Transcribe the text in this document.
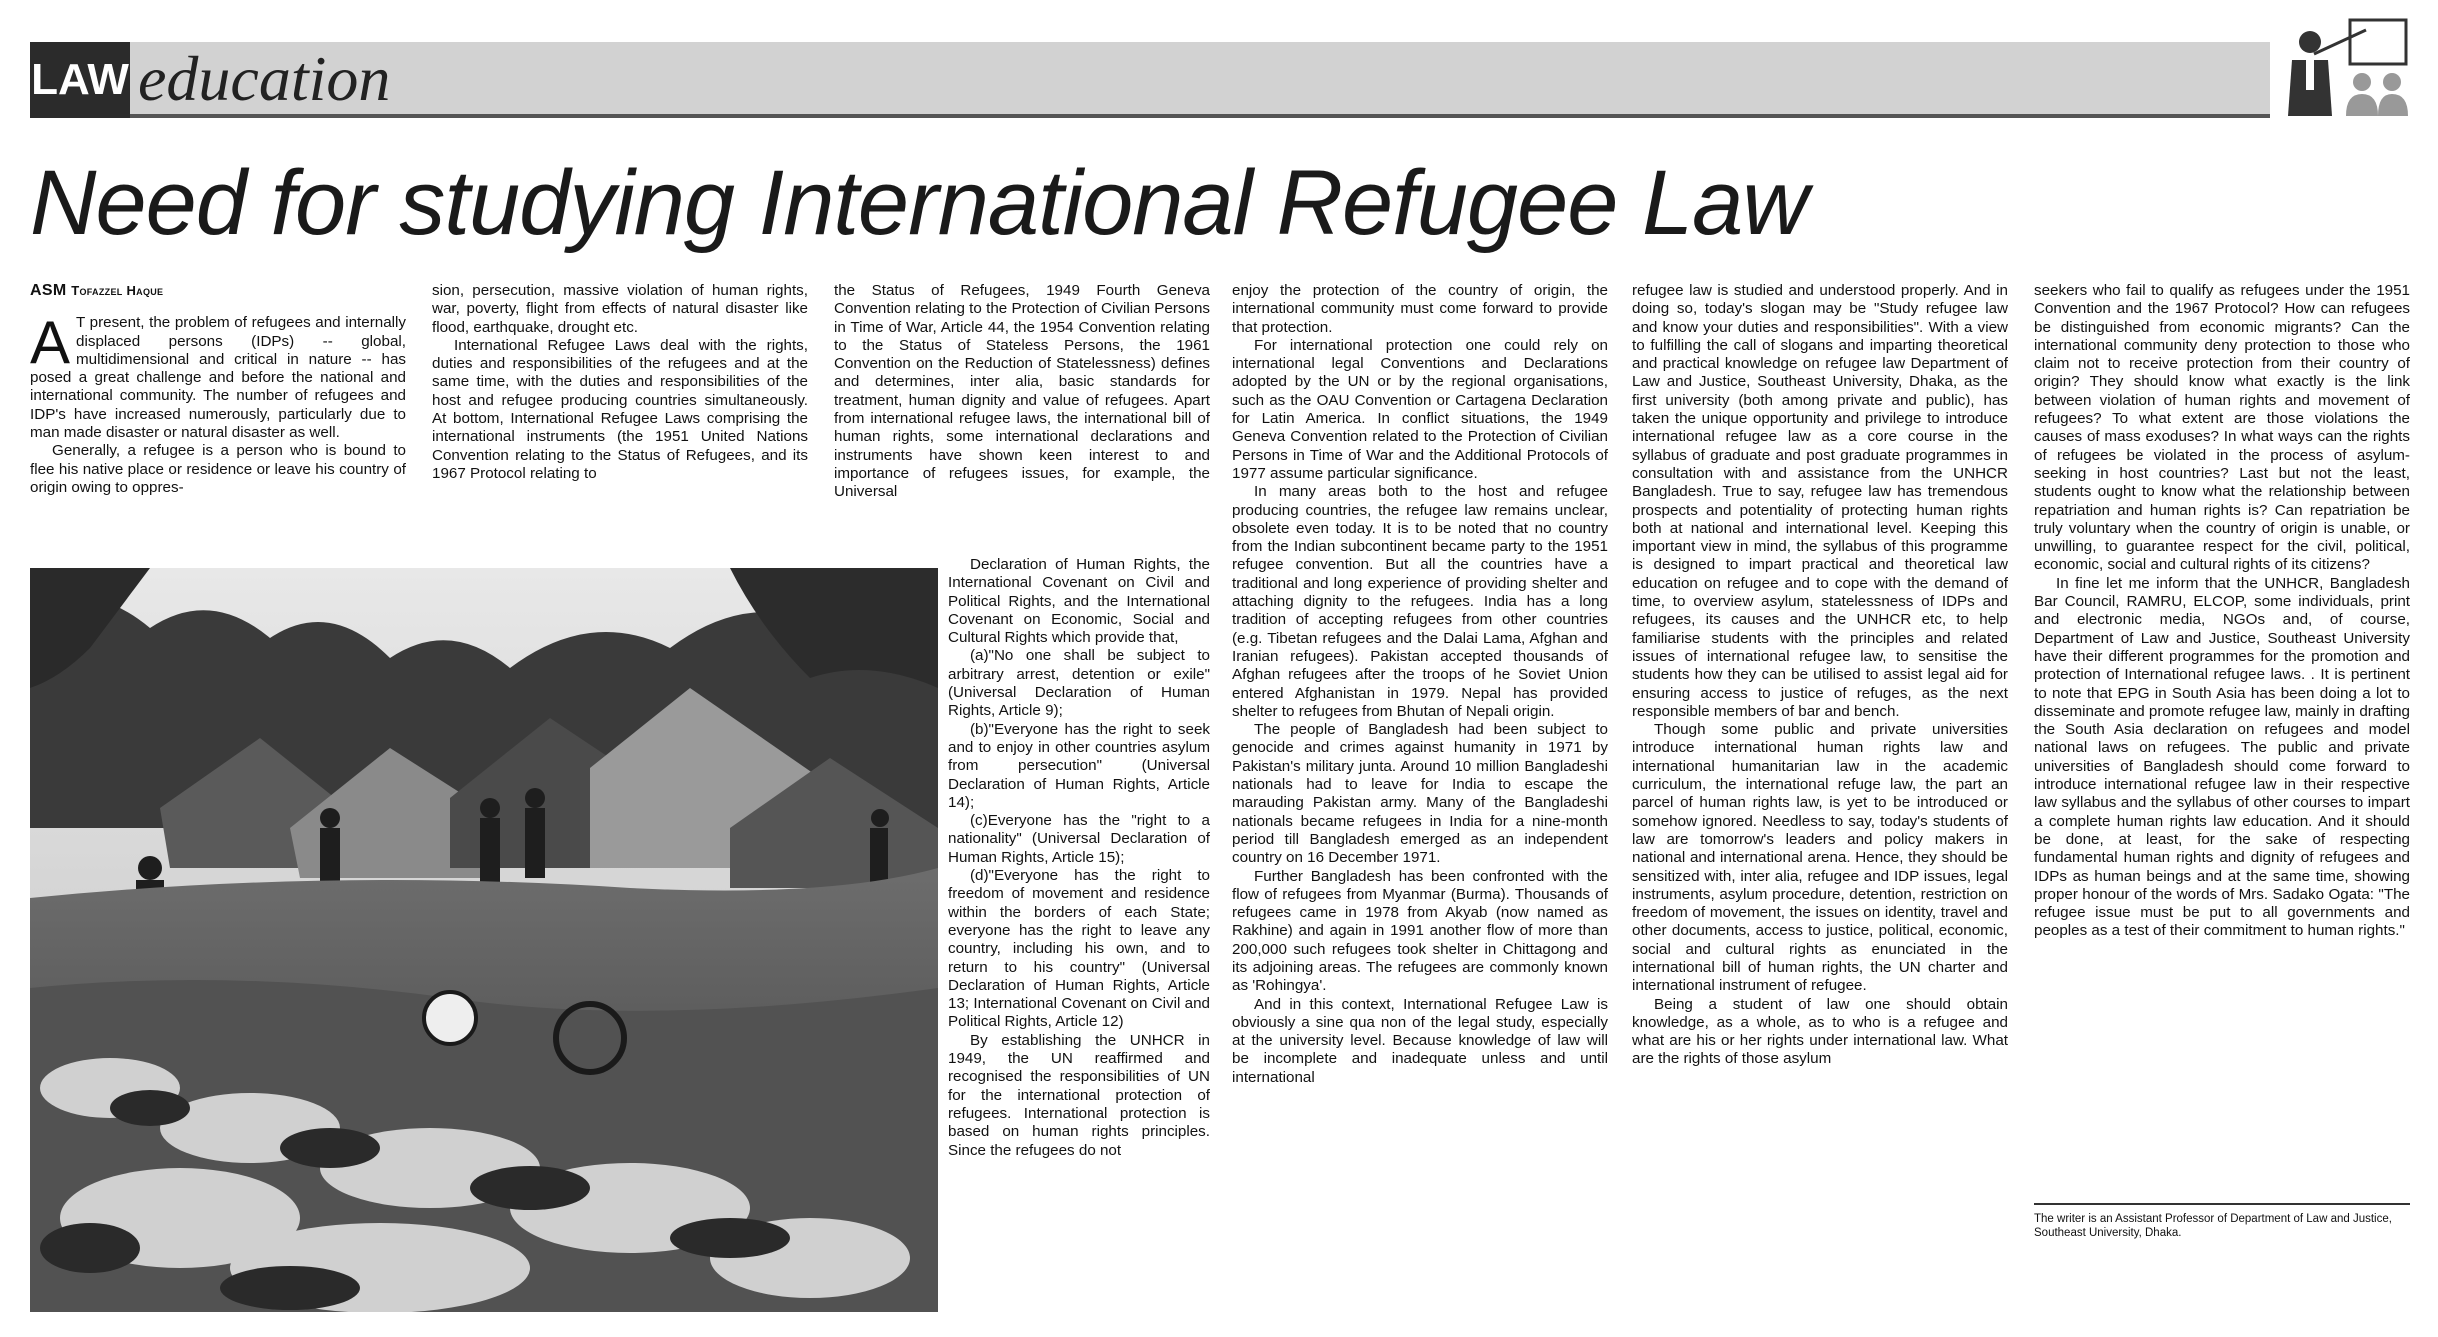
LAW education
Need for studying International Refugee Law
ASM Tofazzel Haque

A T present, the problem of refugees and internally displaced persons (IDPs) -- global, multidimensional and critical in nature -- has posed a great challenge and before the national and international community. The number of refugees and IDP's have increased numerously, particularly due to man made disaster or natural disaster as well.

Generally, a refugee is a person who is bound to flee his native place or residence or leave his country of origin owing to oppres-

sion, persecution, massive violation of human rights, war, poverty, flight from effects of natural disaster like flood, earthquake, drought etc.

International Refugee Laws deal with the rights, duties and responsibilities of the refugees and at the same time, with the duties and responsibilities of the host and refugee producing countries simultaneously. At bottom, International Refugee Laws comprising the international instruments (the 1951 United Nations Convention relating to the Status of Refugees, and its 1967 Protocol relating to

the Status of Refugees, 1949 Fourth Geneva Convention relating to the Protection of Civilian Persons in Time of War, Article 44, the 1954 Convention relating to the Status of Stateless Persons, the 1961 Convention on the Reduction of Statelessness) defines and determines, inter alia, basic standards for treatment, human dignity and value of refugees. Apart from international refugee laws, the international bill of human rights, some international declarations and instruments have shown keen interest to and importance of refugees issues, for example, the Universal

Declaration of Human Rights, the International Covenant on Civil and Political Rights, and the International Covenant on Economic, Social and Cultural Rights which provide that,

(a)"No one shall be subject to arbitrary arrest, detention or exile" (Universal Declaration of Human Rights, Article 9);

(b)"Everyone has the right to seek and to enjoy in other countries asylum from persecution" (Universal Declaration of Human Rights, Article 14);

(c)Everyone has the "right to a nationality" (Universal Declaration of Human Rights, Article 15);

(d)"Everyone has the right to freedom of movement and residence within the borders of each State; everyone has the right to leave any country, including his own, and to return to his country" (Universal Declaration of Human Rights, Article 13; International Covenant on Civil and Political Rights, Article 12)

By establishing the UNHCR in 1949, the UN reaffirmed and recognised the responsibilities of UN for the international protection of refugees. International protection is based on human rights principles. Since the refugees do not

enjoy the protection of the country of origin, the international community must come forward to provide that protection.

For international protection one could rely on international legal Conventions and Declarations adopted by the UN or by the regional organisations, such as the OAU Convention or Cartagena Declaration for Latin America. In conflict situations, the 1949 Geneva Convention related to the Protection of Civilian Persons in Time of War and the Additional Protocols of 1977 assume particular significance.

In many areas both to the host and refugee producing countries, the refugee law remains unclear, obsolete even today. It is to be noted that no country from the Indian subcontinent became party to the 1951 refugee convention. But all the countries have a traditional and long experience of providing shelter and attaching dignity to the refugees. India has a long tradition of accepting refugees from other countries (e.g. Tibetan refugees and the Dalai Lama, Afghan and Iranian refugees). Pakistan accepted thousands of Afghan refugees after the troops of he Soviet Union entered Afghanistan in 1979. Nepal has provided shelter to refugees from Bhutan of Nepali origin.

The people of Bangladesh had been subject to genocide and crimes against humanity in 1971 by Pakistan's military junta. Around 10 million Bangladeshi nationals had to leave for India to escape the marauding Pakistan army. Many of the Bangladeshi nationals became refugees in India for a nine-month period till Bangladesh emerged as an independent country on 16 December 1971.

Further Bangladesh has been confronted with the flow of refugees from Myanmar (Burma). Thousands of refugees came in 1978 from Akyab (now named as Rakhine) and again in 1991 another flow of more than 200,000 such refugees took shelter in Chittagong and its adjoining areas. The refugees are commonly known as 'Rohingya'.

And in this context, International Refugee Law is obviously a sine qua non of the legal study, especially at the university level. Because knowledge of law will be incomplete and inadequate unless and until international

refugee law is studied and understood properly. And in doing so, today's slogan may be "Study refugee law and know your duties and responsibilities". With a view to fulfilling the call of slogans and imparting theoretical and practical knowledge on refugee law Department of Law and Justice, Southeast University, Dhaka, as the first university (both among private and public), has taken the unique opportunity and privilege to introduce international refugee law as a core course in the syllabus of graduate and post graduate programmes in consultation with and assistance from the UNHCR Bangladesh. True to say, refugee law has tremendous prospects and potentiality of protecting human rights both at national and international level. Keeping this important view in mind, the syllabus of this programme is designed to impart practical and theoretical law education on refugee and to cope with the demand of time, to overview asylum, statelessness of IDPs and refugees, its causes and the UNHCR etc, to help familiarise students with the principles and related issues of international refugee law, to sensitise the students how they can be utilised to assist legal aid for ensuring access to justice of refuges, as the next responsible members of bar and bench.

Though some public and private universities introduce international human rights law and international humanitarian law in the academic curriculum, the international refuge law, the part an parcel of human rights law, is yet to be introduced or somehow ignored. Needless to say, today's students of law are tomorrow's leaders and policy makers in national and international arena. Hence, they should be sensitized with, inter alia, refugee and IDP issues, legal instruments, asylum procedure, detention, restriction on freedom of movement, the issues on identity, travel and other documents, access to justice, political, economic, social and cultural rights as enunciated in the international bill of human rights, the UN charter and international instrument of refugee.

Being a student of law one should obtain knowledge, as a whole, as to who is a refugee and what are his or her rights under international law. What are the rights of those asylum

seekers who fail to qualify as refugees under the 1951 Convention and the 1967 Protocol? How can refugees be distinguished from economic migrants? Can the international community deny protection to those who claim not to receive protection from their country of origin? They should know what exactly is the link between violation of human rights and movement of refugees? To what extent are those violations the causes of mass exoduses? In what ways can the rights of refugees be violated in the process of asylum-seeking in host countries? Last but not the least, students ought to know what the relationship between repatriation and human rights is? Can repatriation be truly voluntary when the country of origin is unable, or unwilling, to guarantee respect for the civil, political, economic, social and cultural rights of its citizens?

In fine let me inform that the UNHCR, Bangladesh Bar Council, RAMRU, ELCOP, some individuals, print and electronic media, NGOs and, of course, Department of Law and Justice, Southeast University have their different programmes for the promotion and protection of International refugee laws. . It is pertinent to note that EPG in South Asia has been doing a lot to disseminate and promote refugee law, mainly in drafting the South Asia declaration on refugees and model national laws on refugees. The public and private universities of Bangladesh should come forward to introduce international refugee law in their respective law syllabus and the syllabus of other courses to impart a complete human rights law education. And it should be done, at least, for the sake of respecting fundamental human rights and dignity of refugees and IDPs as human beings and at the same time, showing proper honour of the words of Mrs. Sadako Ogata: "The refugee issue must be put to all governments and peoples as a test of their commitment to human rights."

The writer is an Assistant Professor of Department of Law and Justice, Southeast University, Dhaka.
